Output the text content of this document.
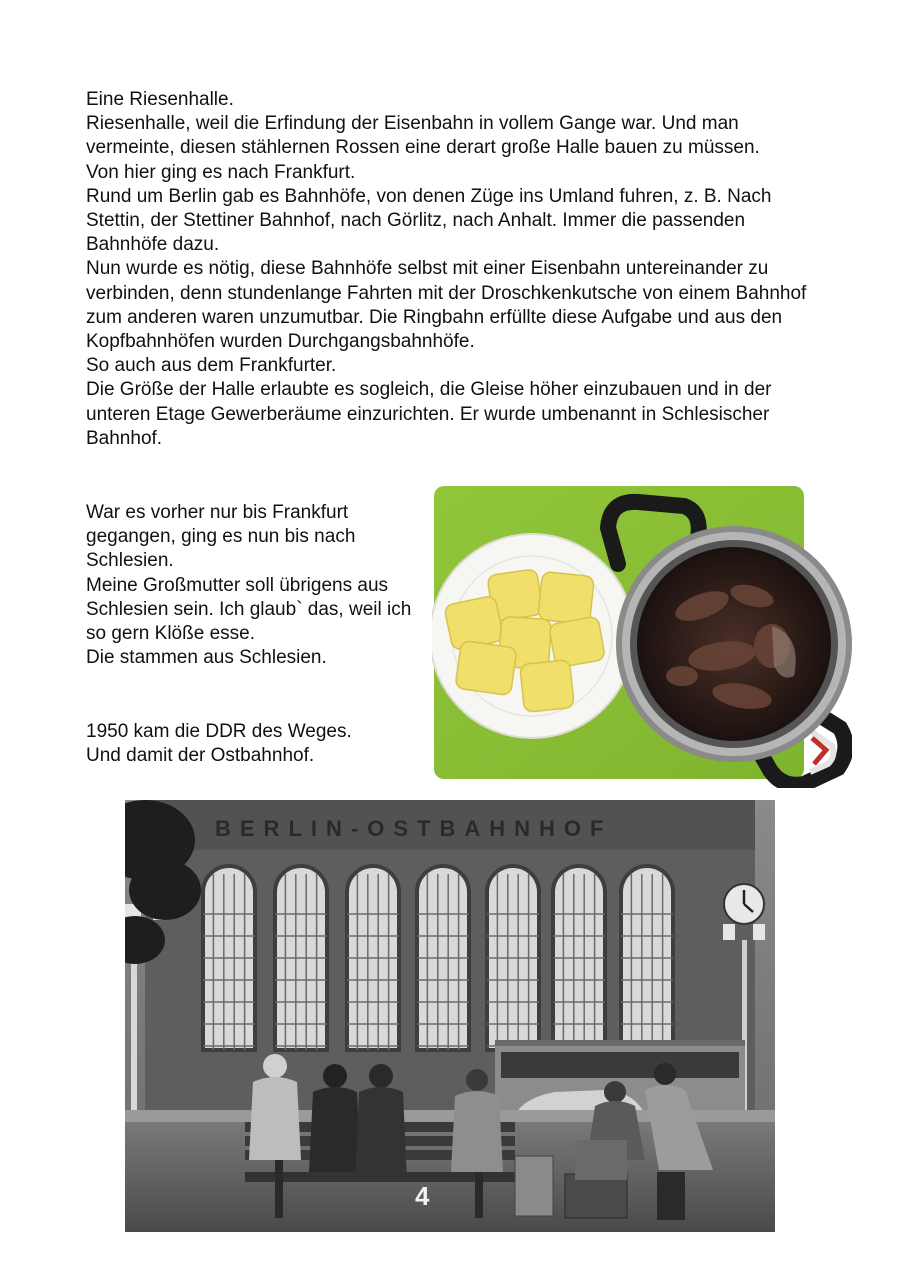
Eine Riesenhalle.

Riesenhalle, weil die Erfindung der Eisenbahn in vollem Gange war. Und man vermeinte, diesen stählernen Rossen eine derart große Halle bauen zu müssen.

Von hier ging es nach Frankfurt.

Rund um Berlin gab es Bahnhöfe, von denen Züge ins Umland fuhren, z. B. Nach Stettin, der Stettiner Bahnhof, nach Görlitz, nach Anhalt. Immer die passenden Bahnhöfe dazu.

Nun wurde es nötig, diese Bahnhöfe selbst mit einer Eisenbahn untereinander zu verbinden, denn stundenlange Fahrten mit der Droschkenkutsche von einem Bahnhof zum anderen waren unzumutbar. Die Ringbahn erfüllte diese Aufgabe und aus den Kopfbahnhöfen wurden Durchgangsbahnhöfe.

So auch aus dem Frankfurter.

Die Größe der Halle erlaubte es sogleich, die Gleise höher einzubauen und in der unteren Etage Gewerberäume einzurichten. Er wurde umbenannt in Schlesischer Bahnhof.

War es vorher nur bis Frankfurt gegangen, ging es nun bis nach Schlesien.

Meine Großmutter soll übrigens aus Schlesien sein. Ich glaub` das, weil ich so gern Klöße esse.

Die stammen aus Schlesien.

1950 kam die DDR des Weges.

Und damit der Ostbahnhof.

BERLIN-OSTBAHNHOF
4
